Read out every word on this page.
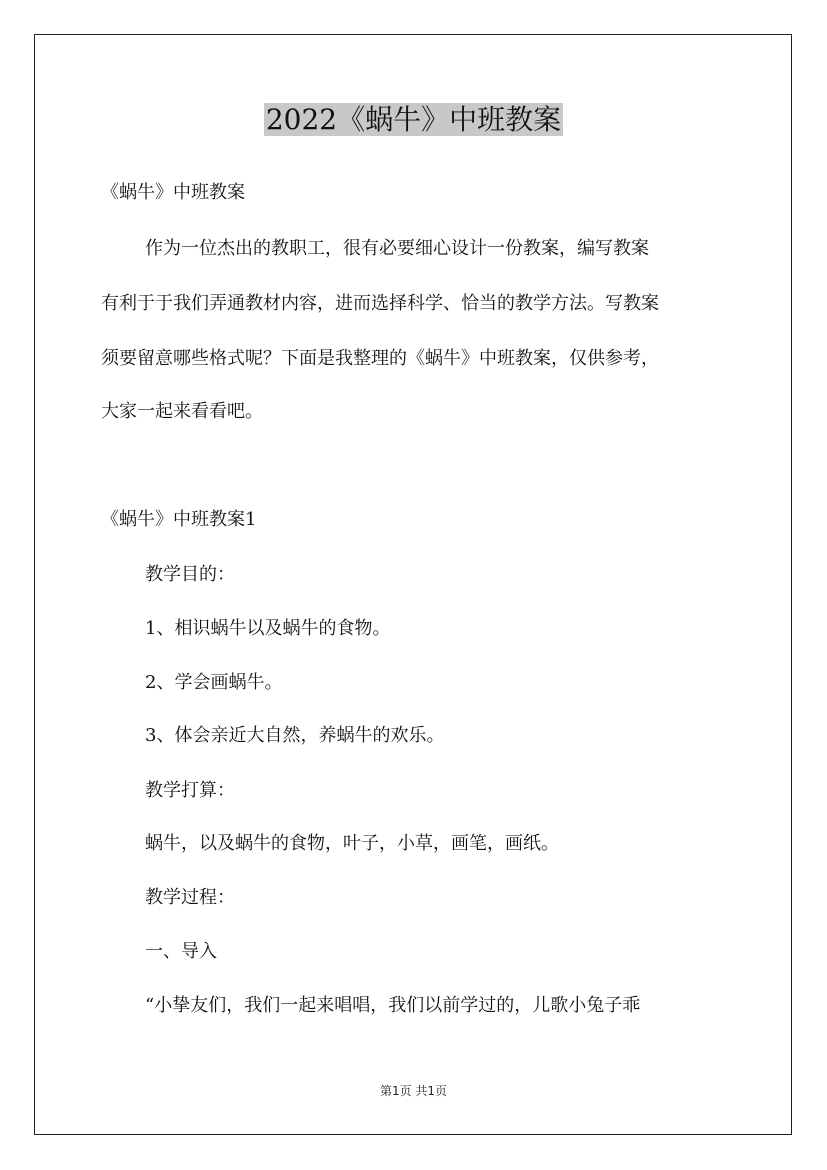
2022《蜗牛》中班教案

《蜗牛》中班教案

作为一位杰出的教职工，很有必要细心设计一份教案，编写教案

有利于于我们弄通教材内容，进而选择科学、恰当的教学方法。写教案

须要留意哪些格式呢？下面是我整理的《蜗牛》中班教案，仅供参考，

大家一起来看看吧。

《蜗牛》中班教案1

教学目的：

1、相识蜗牛以及蜗牛的食物。

2、学会画蜗牛。

3、体会亲近大自然，养蜗牛的欢乐。

教学打算：

蜗牛，以及蜗牛的食物，叶子，小草，画笔，画纸。

教学过程：

一、导入

“小挚友们，我们一起来唱唱，我们以前学过的，儿歌小兔子乖

第1页 共1页
